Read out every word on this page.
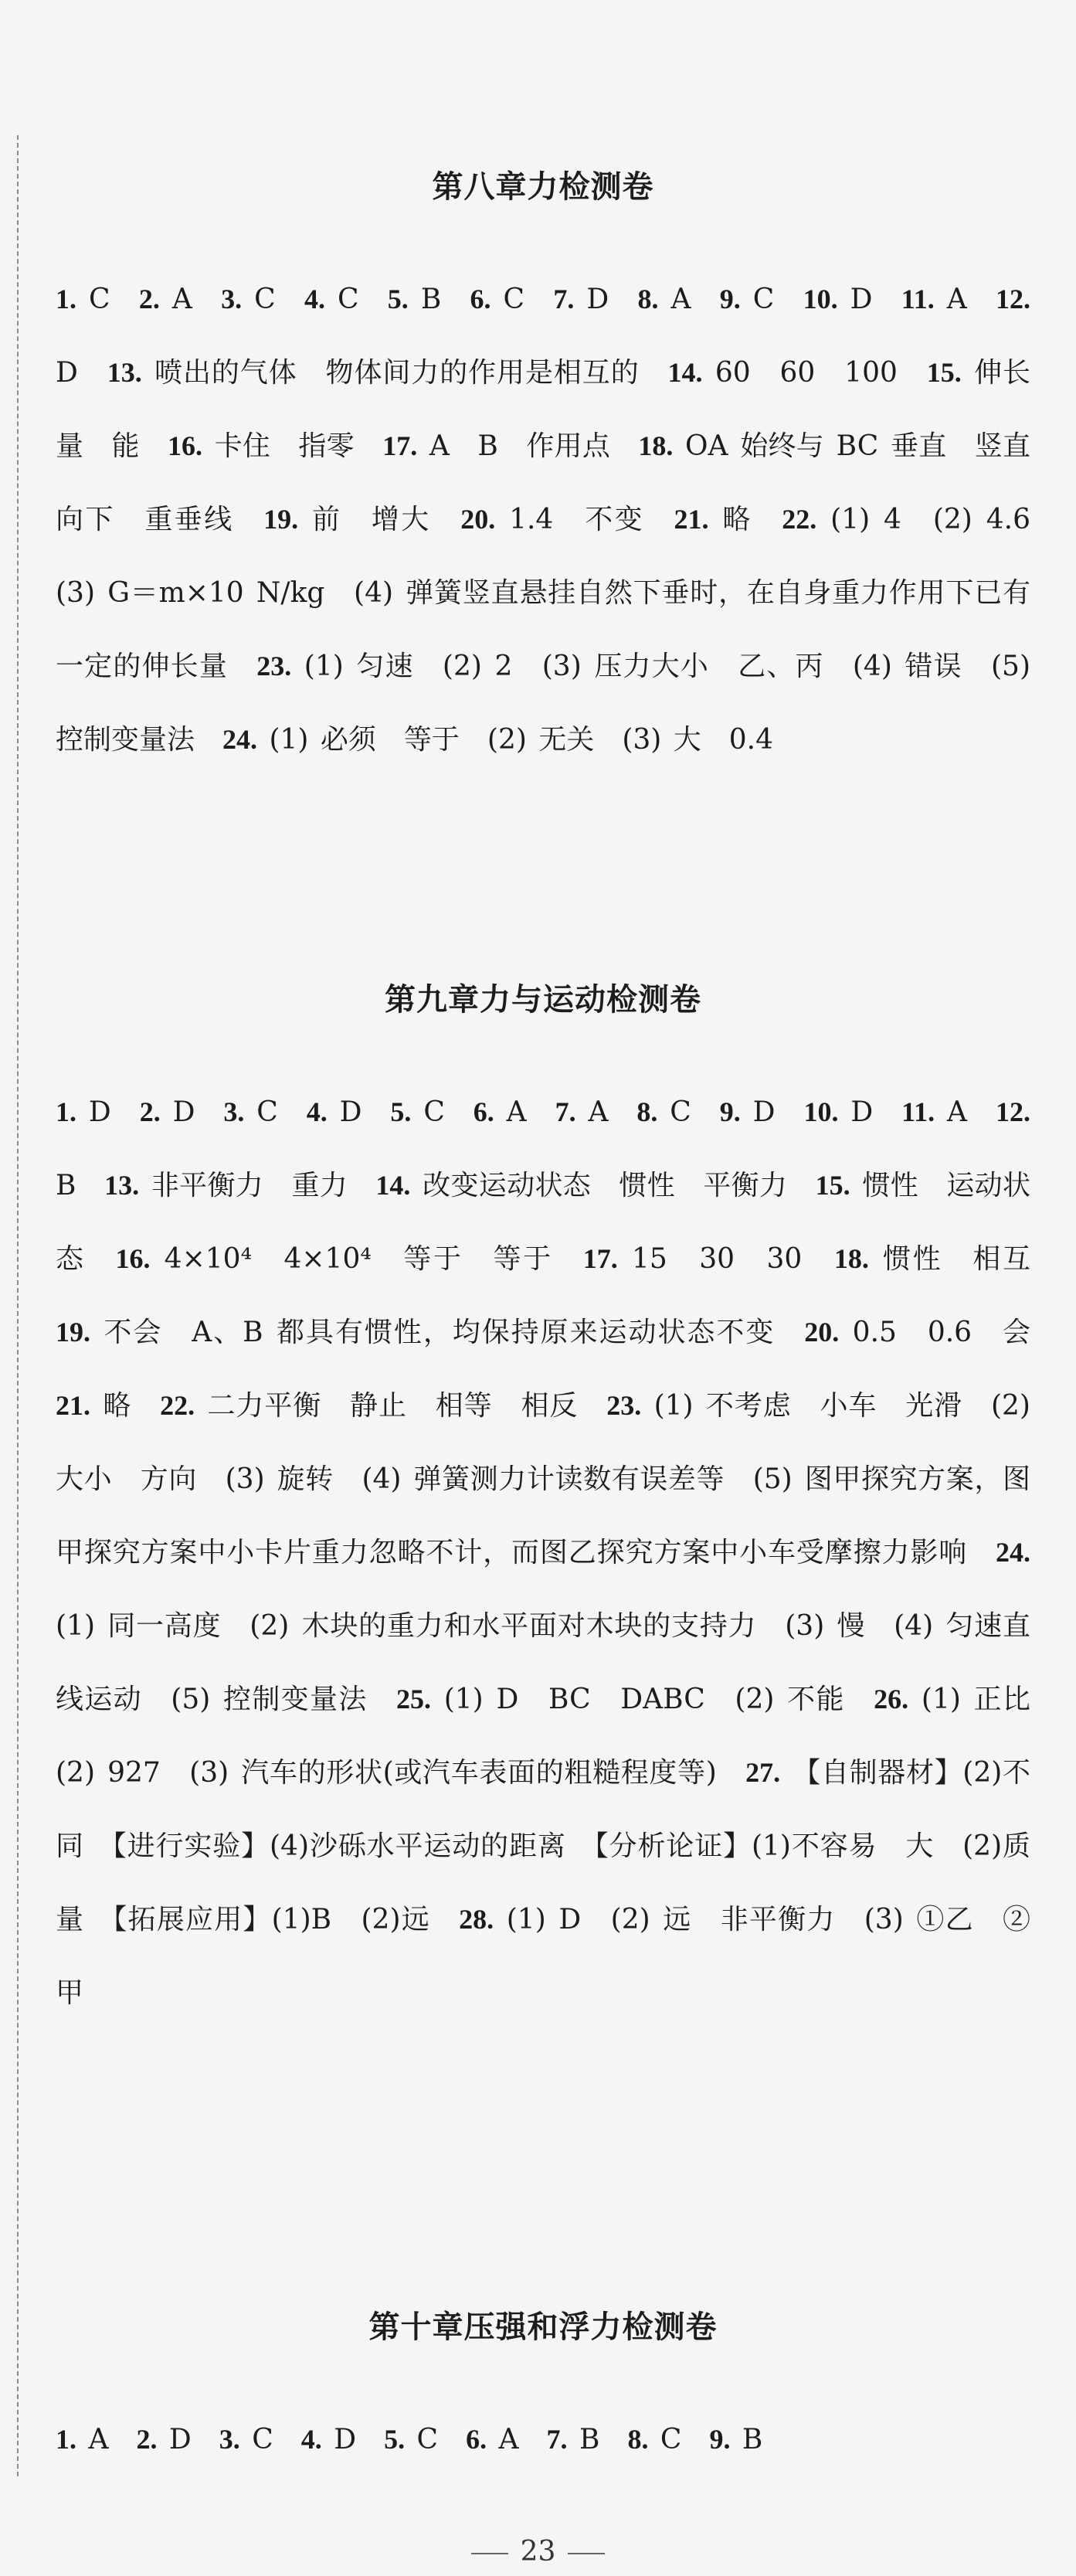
第八章力检测卷

1. C　2. A　3. C　4. C　5. B　6. C　7. D　8. A　9. C　10. D　11. A　12. D　13. 喷出的气体　物体间力的作用是相互的　14. 60　60　100　15. 伸长量　能　16. 卡住　指零　17. A　B　作用点　18. OA 始终与 BC 垂直　竖直向下　重垂线　19. 前　增大　20. 1.4　不变　21. 略　22. (1) 4　(2) 4.6　(3) G＝m×10 N/kg　(4) 弹簧竖直悬挂自然下垂时，在自身重力作用下已有一定的伸长量　23. (1) 匀速　(2) 2　(3) 压力大小　乙、丙　(4) 错误　(5) 控制变量法　24. (1) 必须　等于　(2) 无关　(3) 大　0.4

第九章力与运动检测卷

1. D　2. D　3. C　4. D　5. C　6. A　7. A　8. C　9. D　10. D　11. A　12. B　13. 非平衡力　重力　14. 改变运动状态　惯性　平衡力　15. 惯性　运动状态　16. 4×10⁴　4×10⁴　等于　等于　17. 15　30　30　18. 惯性　相互　19. 不会　A、B 都具有惯性，均保持原来运动状态不变　20. 0.5　0.6　会　21. 略　22. 二力平衡　静止　相等　相反　23. (1) 不考虑　小车　光滑　(2) 大小　方向　(3) 旋转　(4) 弹簧测力计读数有误差等　(5) 图甲探究方案，图甲探究方案中小卡片重力忽略不计，而图乙探究方案中小车受摩擦力影响　24. (1) 同一高度　(2) 木块的重力和水平面对木块的支持力　(3) 慢　(4) 匀速直线运动　(5) 控制变量法　25. (1) D　BC　DABC　(2) 不能　26. (1) 正比　(2) 927　(3) 汽车的形状(或汽车表面的粗糙程度等)　27. 【自制器材】(2)不同　【进行实验】(4)沙砾水平运动的距离　【分析论证】(1)不容易　大　(2)质量　【拓展应用】(1)B　(2)远　28. (1) D　(2) 远　非平衡力　(3) ①乙　②甲

第十章压强和浮力检测卷

1. A　2. D　3. C　4. D　5. C　6. A　7. B　8. C　9. B

23
